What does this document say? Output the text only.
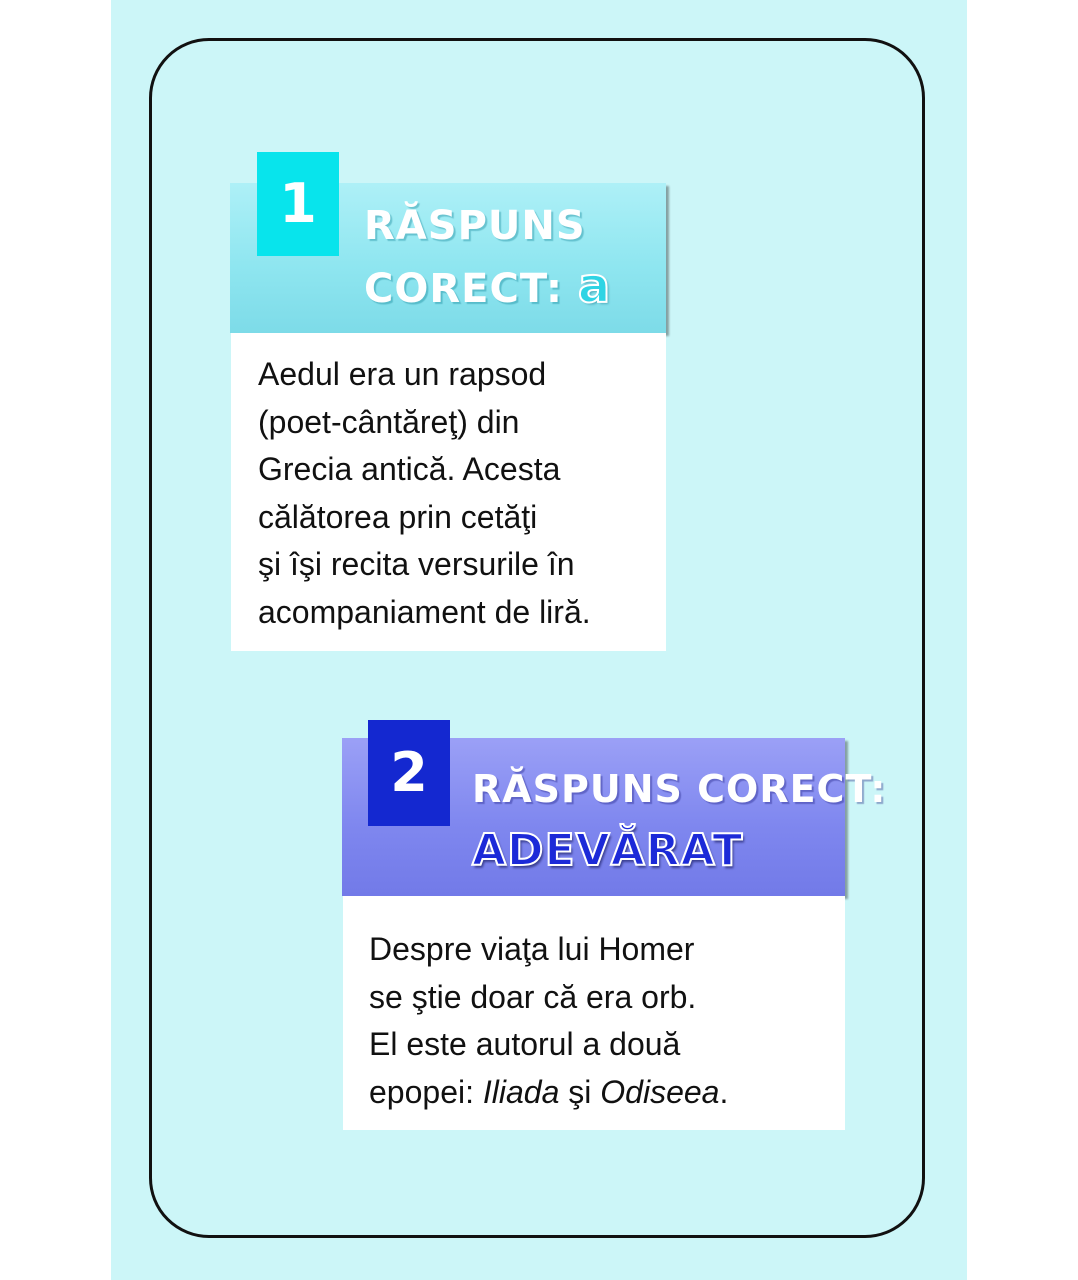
1	RĂSPUNS
CORECT: a
Aedul era un rapsod
(poet-cântăreţ) din
Grecia antică. Acesta
călătorea prin cetăţi
şi îşi recita versurile în
acompaniament de liră.
2	RĂSPUNS CORECT:
ADEVĂRAT
Despre viaţa lui Homer
se ştie doar că era orb.
El este autorul a două
epopei: Iliada şi Odiseea.
